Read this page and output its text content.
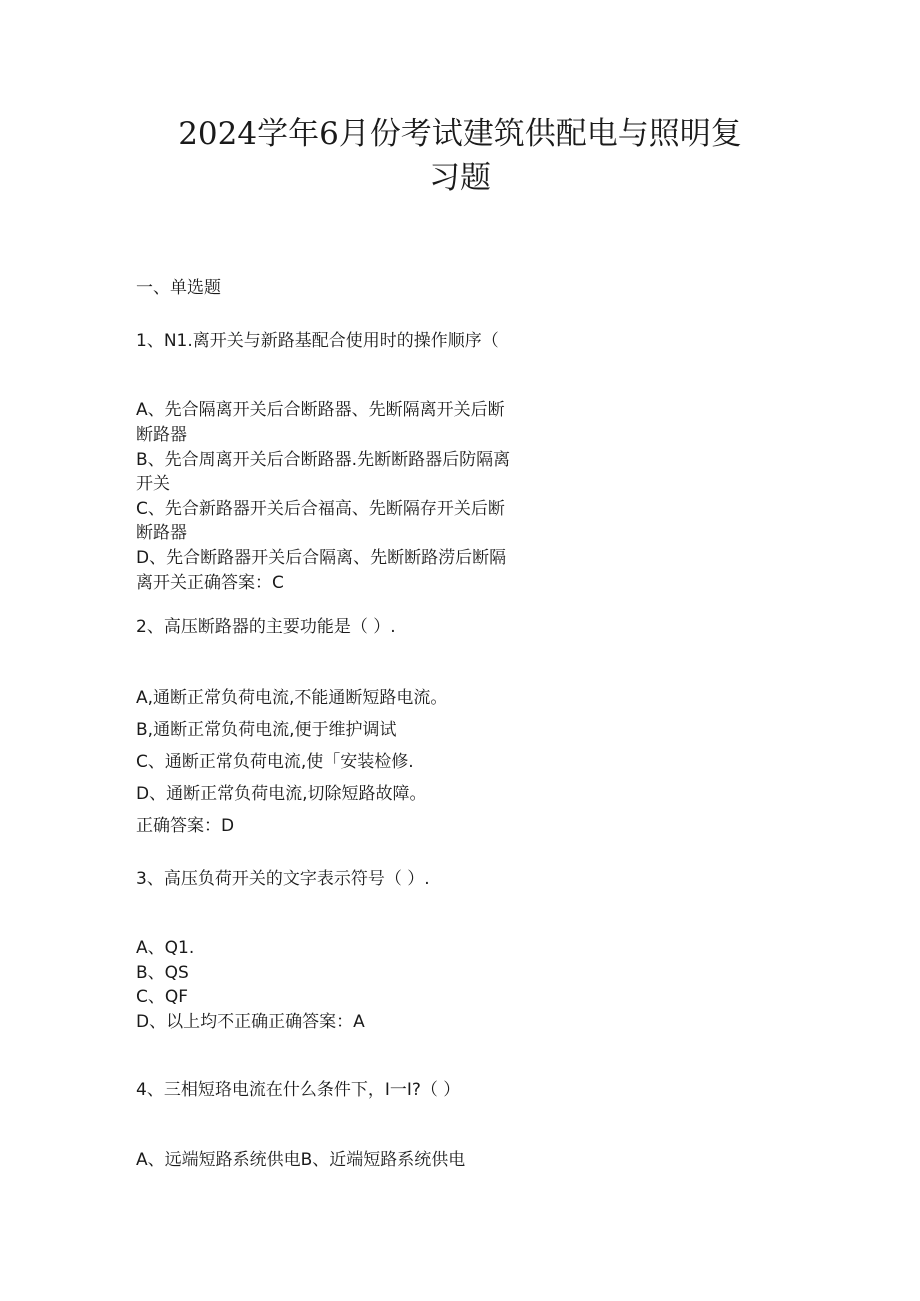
2024学年6月份考试建筑供配电与照明复
习题
一、单选题
1、N1.离开关与新路基配合使用时的操作顺序（
A、先合隔离开关后合断路器、先断隔离开关后断
断路器
B、先合周离开关后合断路器.先断断路器后防隔离
开关
C、先合新路器开关后合福高、先断隔存开关后断
断路器
D、先合断路器开关后合隔离、先断断路涝后断隔
离开关正确答案：C
2、高压断路器的主要功能是（ ）.
A,通断正常负荷电流,不能通断短路电流。
B,通断正常负荷电流,便于维护调试
C、通断正常负荷电流,使「安装检修.
D、通断正常负荷电流,切除短路故障。
正确答案：D
3、高压负荷开关的文字表示符号（ ）.
A、Q1.
B、QS
C、QF
D、以上均不正确正确答案：A
4、三相短珞电流在什么条件下，I一I?（ ）
A、远端短路系统供电B、近端短路系统供电
